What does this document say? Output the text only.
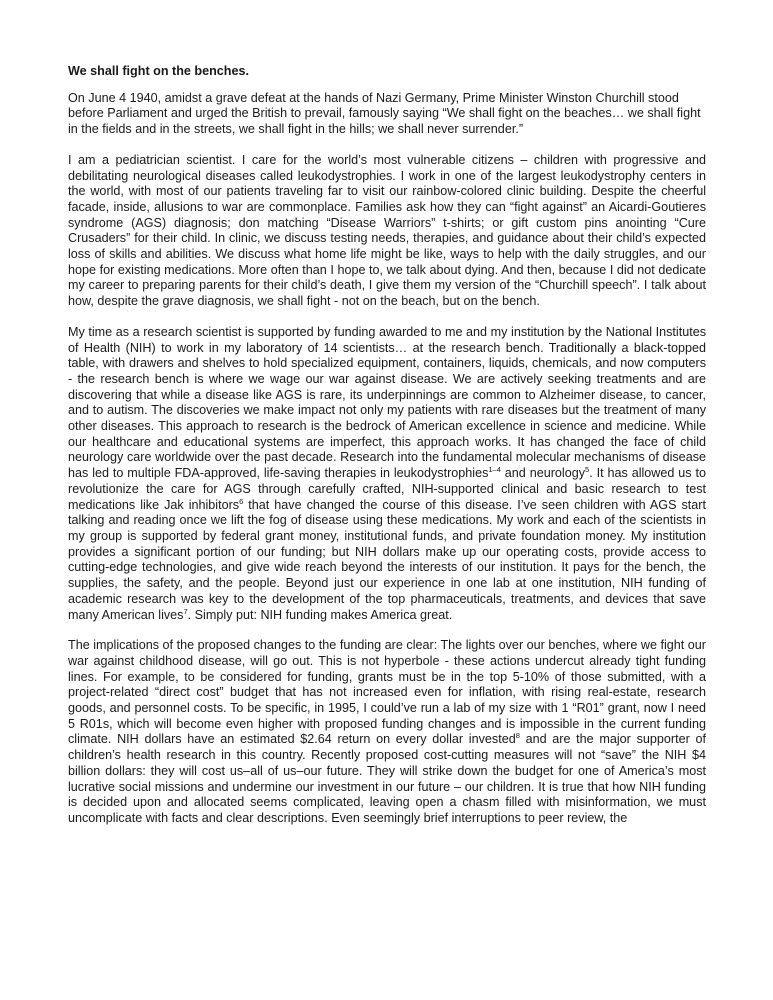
We shall fight on the benches.

On June 4 1940, amidst a grave defeat at the hands of Nazi Germany, Prime Minister Winston Churchill stood before Parliament and urged the British to prevail, famously saying “We shall fight on the beaches… we shall fight in the fields and in the streets, we shall fight in the hills; we shall never surrender.”

I am a pediatrician scientist. I care for the world’s most vulnerable citizens – children with progressive and debilitating neurological diseases called leukodystrophies. I work in one of the largest leukodystrophy centers in the world, with most of our patients traveling far to visit our rainbow-colored clinic building. Despite the cheerful facade, inside, allusions to war are commonplace. Families ask how they can “fight against” an Aicardi-Goutieres syndrome (AGS) diagnosis; don matching “Disease Warriors” t-shirts; or gift custom pins anointing “Cure Crusaders” for their child. In clinic, we discuss testing needs, therapies, and guidance about their child’s expected loss of skills and abilities. We discuss what home life might be like, ways to help with the daily struggles, and our hope for existing medications. More often than I hope to, we talk about dying. And then, because I did not dedicate my career to preparing parents for their child’s death, I give them my version of the “Churchill speech”. I talk about how, despite the grave diagnosis, we shall fight - not on the beach, but on the bench.

My time as a research scientist is supported by funding awarded to me and my institution by the National Institutes of Health (NIH) to work in my laboratory of 14 scientists… at the research bench. Traditionally a black-topped table, with drawers and shelves to hold specialized equipment, containers, liquids, chemicals, and now computers - the research bench is where we wage our war against disease. We are actively seeking treatments and are discovering that while a disease like AGS is rare, its underpinnings are common to Alzheimer disease, to cancer, and to autism. The discoveries we make impact not only my patients with rare diseases but the treatment of many other diseases. This approach to research is the bedrock of American excellence in science and medicine. While our healthcare and educational systems are imperfect, this approach works. It has changed the face of child neurology care worldwide over the past decade. Research into the fundamental molecular mechanisms of disease has led to multiple FDA-approved, life-saving therapies in leukodystrophies$^{1-4}$ and neurology$^5$. It has allowed us to revolutionize the care for AGS through carefully crafted, NIH-supported clinical and basic research to test medications like Jak inhibitors$^6$ that have changed the course of this disease. I’ve seen children with AGS start talking and reading once we lift the fog of disease using these medications. My work and each of the scientists in my group is supported by federal grant money, institutional funds, and private foundation money. My institution provides a significant portion of our funding; but NIH dollars make up our operating costs, provide access to cutting-edge technologies, and give wide reach beyond the interests of our institution. It pays for the bench, the supplies, the safety, and the people. Beyond just our experience in one lab at one institution, NIH funding of academic research was key to the development of the top pharmaceuticals, treatments, and devices that save many American lives$^7$. Simply put: NIH funding makes America great.

The implications of the proposed changes to the funding are clear: The lights over our benches, where we fight our war against childhood disease, will go out. This is not hyperbole - these actions undercut already tight funding lines. For example, to be considered for funding, grants must be in the top 5-10% of those submitted, with a project-related “direct cost” budget that has not increased even for inflation, with rising real-estate, research goods, and personnel costs. To be specific, in 1995, I could’ve run a lab of my size with 1 “R01” grant, now I need 5 R01s, which will become even higher with proposed funding changes and is impossible in the current funding climate. NIH dollars have an estimated $2.64 return on every dollar invested$^8$ and are the major supporter of children’s health research in this country. Recently proposed cost-cutting measures will not “save” the NIH $4 billion dollars: they will cost us–all of us–our future. They will strike down the budget for one of America’s most lucrative social missions and undermine our investment in our future – our children. It is true that how NIH funding is decided upon and allocated seems complicated, leaving open a chasm filled with misinformation, we must uncomplicate with facts and clear descriptions. Even seemingly brief interruptions to peer review, the
